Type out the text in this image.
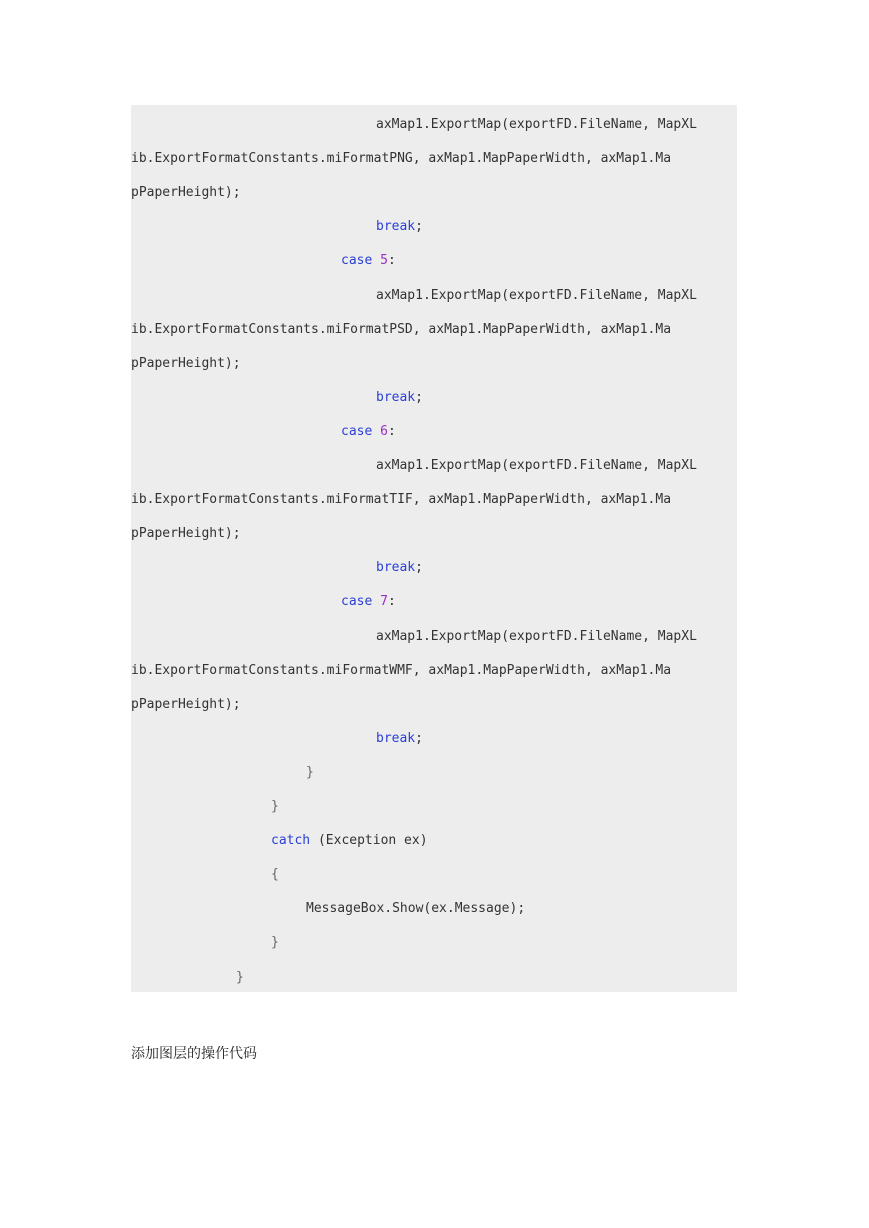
axMap1.ExportMap(exportFD.FileName, MapXL
ib.ExportFormatConstants.miFormatPNG, axMap1.MapPaperWidth, axMap1.Ma
pPaperHeight);
break;
case 5:
axMap1.ExportMap(exportFD.FileName, MapXL
ib.ExportFormatConstants.miFormatPSD, axMap1.MapPaperWidth, axMap1.Ma
pPaperHeight);
break;
case 6:
axMap1.ExportMap(exportFD.FileName, MapXL
ib.ExportFormatConstants.miFormatTIF, axMap1.MapPaperWidth, axMap1.Ma
pPaperHeight);
break;
case 7:
axMap1.ExportMap(exportFD.FileName, MapXL
ib.ExportFormatConstants.miFormatWMF, axMap1.MapPaperWidth, axMap1.Ma
pPaperHeight);
break;
}
}
catch (Exception ex)
{
MessageBox.Show(ex.Message);
}
}
添加图层的操作代码
